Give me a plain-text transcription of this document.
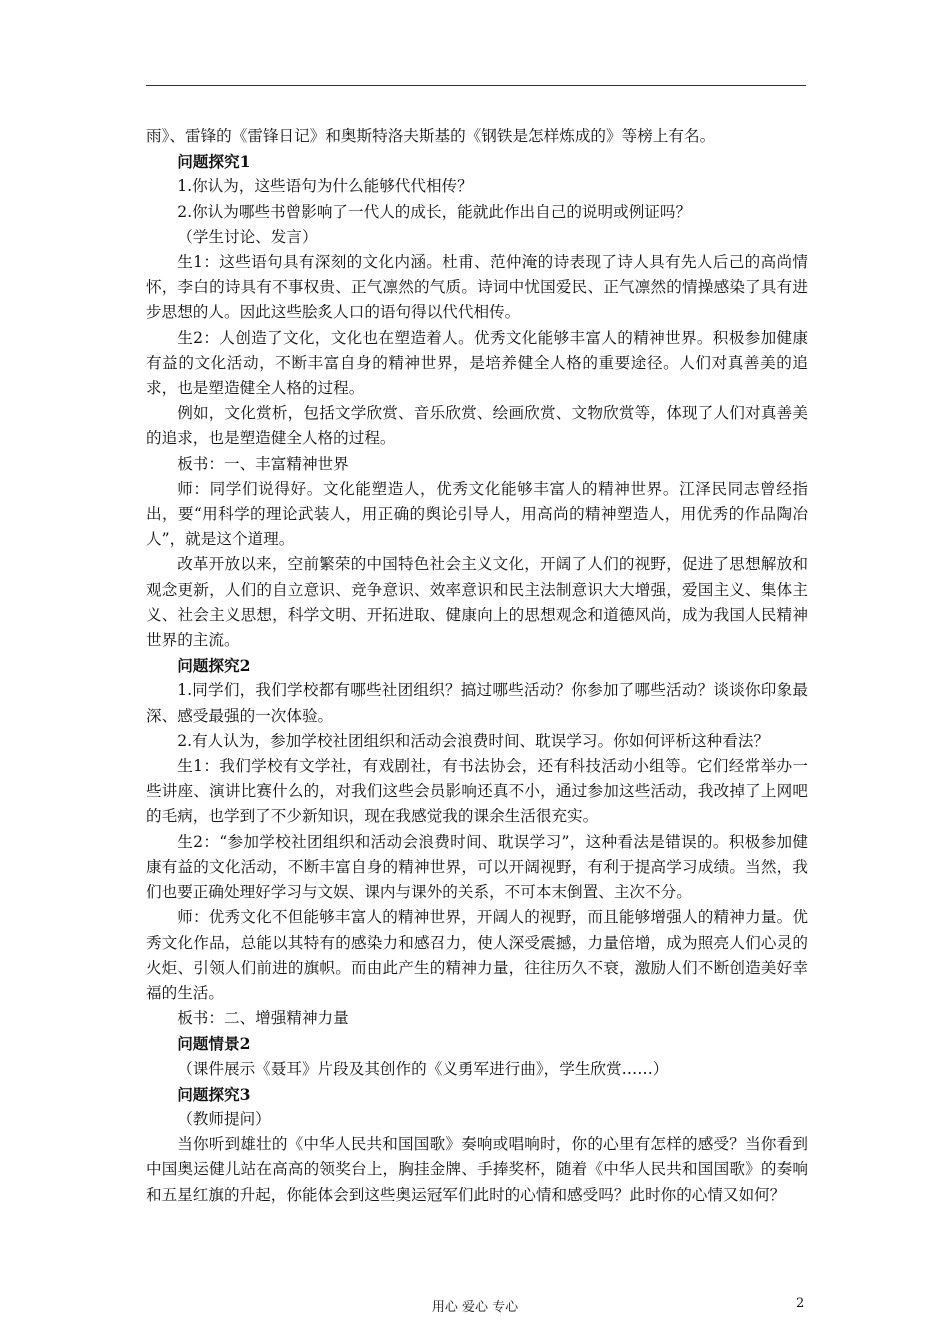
雨》、雷锋的《雷锋日记》和奥斯特洛夫斯基的《钢铁是怎样炼成的》等榜上有名。

问题探究1

1.你认为，这些语句为什么能够代代相传？

2.你认为哪些书曾影响了一代人的成长，能就此作出自己的说明或例证吗？

（学生讨论、发言）

生1：这些语句具有深刻的文化内涵。杜甫、范仲淹的诗表现了诗人具有先人后己的高尚情怀，李白的诗具有不事权贵、正气凛然的气质。诗词中忧国爱民、正气凛然的情操感染了具有进步思想的人。因此这些脍炙人口的语句得以代代相传。

生2：人创造了文化，文化也在塑造着人。优秀文化能够丰富人的精神世界。积极参加健康有益的文化活动，不断丰富自身的精神世界，是培养健全人格的重要途径。人们对真善美的追求，也是塑造健全人格的过程。

例如，文化赏析，包括文学欣赏、音乐欣赏、绘画欣赏、文物欣赏等，体现了人们对真善美的追求，也是塑造健全人格的过程。

板书：一、丰富精神世界

师：同学们说得好。文化能塑造人，优秀文化能够丰富人的精神世界。江泽民同志曾经指出，要“用科学的理论武装人，用正确的舆论引导人，用高尚的精神塑造人，用优秀的作品陶冶人”，就是这个道理。

改革开放以来，空前繁荣的中国特色社会主义文化，开阔了人们的视野，促进了思想解放和观念更新，人们的自立意识、竞争意识、效率意识和民主法制意识大大增强，爱国主义、集体主义、社会主义思想，科学文明、开拓进取、健康向上的思想观念和道德风尚，成为我国人民精神世界的主流。

问题探究2

1.同学们，我们学校都有哪些社团组织？搞过哪些活动？你参加了哪些活动？谈谈你印象最深、感受最强的一次体验。

2.有人认为，参加学校社团组织和活动会浪费时间、耽误学习。你如何评析这种看法？

生1：我们学校有文学社，有戏剧社，有书法协会，还有科技活动小组等。它们经常举办一些讲座、演讲比赛什么的，对我们这些会员影响还真不小，通过参加这些活动，我改掉了上网吧的毛病，也学到了不少新知识，现在我感觉我的课余生活很充实。

生2：“参加学校社团组织和活动会浪费时间、耽误学习”，这种看法是错误的。积极参加健康有益的文化活动，不断丰富自身的精神世界，可以开阔视野，有利于提高学习成绩。当然，我们也要正确处理好学习与文娱、课内与课外的关系，不可本末倒置、主次不分。

师：优秀文化不但能够丰富人的精神世界，开阔人的视野，而且能够增强人的精神力量。优秀文化作品，总能以其特有的感染力和感召力，使人深受震撼，力量倍增，成为照亮人们心灵的火炬、引领人们前进的旗帜。而由此产生的精神力量，往往历久不衰，激励人们不断创造美好幸福的生活。

板书：二、增强精神力量

问题情景2

（课件展示《聂耳》片段及其创作的《义勇军进行曲》，学生欣赏……）

问题探究3

（教师提问）

当你听到雄壮的《中华人民共和国国歌》奏响或唱响时，你的心里有怎样的感受？当你看到中国奥运健儿站在高高的领奖台上，胸挂金牌、手捧奖杯，随着《中华人民共和国国歌》的奏响和五星红旗的升起，你能体会到这些奥运冠军们此时的心情和感受吗？此时你的心情又如何？

用心 爱心 专心	2
